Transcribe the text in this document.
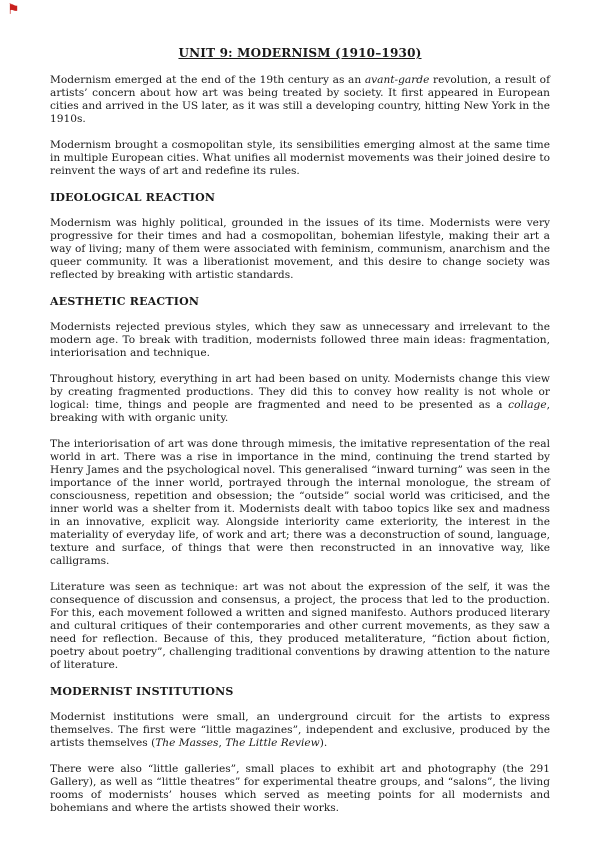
⚑
UNIT 9: MODERNISM (1910–1930)

Modernism emerged at the end of the 19th century as an avant-garde revolution, a result of artists’ concern about how art was being treated by society. It first appeared in European cities and arrived in the US later, as it was still a developing country, hitting New York in the 1910s.

Modernism brought a cosmopolitan style, its sensibilities emerging almost at the same time in multiple European cities. What unifies all modernist movements was their joined desire to reinvent the ways of art and redefine its rules.

IDEOLOGICAL REACTION

Modernism was highly political, grounded in the issues of its time. Modernists were very progressive for their times and had a cosmopolitan, bohemian lifestyle, making their art a way of living; many of them were associated with feminism, communism, anarchism and the queer community. It was a liberationist movement, and this desire to change society was reflected by breaking with artistic standards.

AESTHETIC REACTION

Modernists rejected previous styles, which they saw as unnecessary and irrelevant to the modern age. To break with tradition, modernists followed three main ideas: fragmentation, interiorisation and technique.

Throughout history, everything in art had been based on unity. Modernists change this view by creating fragmented productions. They did this to convey how reality is not whole or logical: time, things and people are fragmented and need to be presented as a collage, breaking with with organic unity.

The interiorisation of art was done through mimesis, the imitative representation of the real world in art. There was a rise in importance in the mind, continuing the trend started by Henry James and the psychological novel. This generalised “inward turning” was seen in the importance of the inner world, portrayed through the internal monologue, the stream of consciousness, repetition and obsession; the “outside” social world was criticised, and the inner world was a shelter from it. Modernists dealt with taboo topics like sex and madness in an innovative, explicit way. Alongside interiority came exteriority, the interest in the materiality of everyday life, of work and art; there was a deconstruction of sound, language, texture and surface, of things that were then reconstructed in an innovative way, like calligrams.

Literature was seen as technique: art was not about the expression of the self, it was the consequence of discussion and consensus, a project, the process that led to the production. For this, each movement followed a written and signed manifesto. Authors produced literary and cultural critiques of their contemporaries and other current movements, as they saw a need for reflection. Because of this, they produced metaliterature, “fiction about fiction, poetry about poetry”, challenging traditional conventions by drawing attention to the nature of literature.

MODERNIST INSTITUTIONS

Modernist institutions were small, an underground circuit for the artists to express themselves. The first were “little magazines”, independent and exclusive, produced by the artists themselves (The Masses, The Little Review).

There were also “little galleries”, small places to exhibit art and photography (the 291 Gallery), as well as “little theatres” for experimental theatre groups, and “salons”, the living rooms of modernists’ houses which served as meeting points for all modernists and bohemians and where the artists showed their works.
